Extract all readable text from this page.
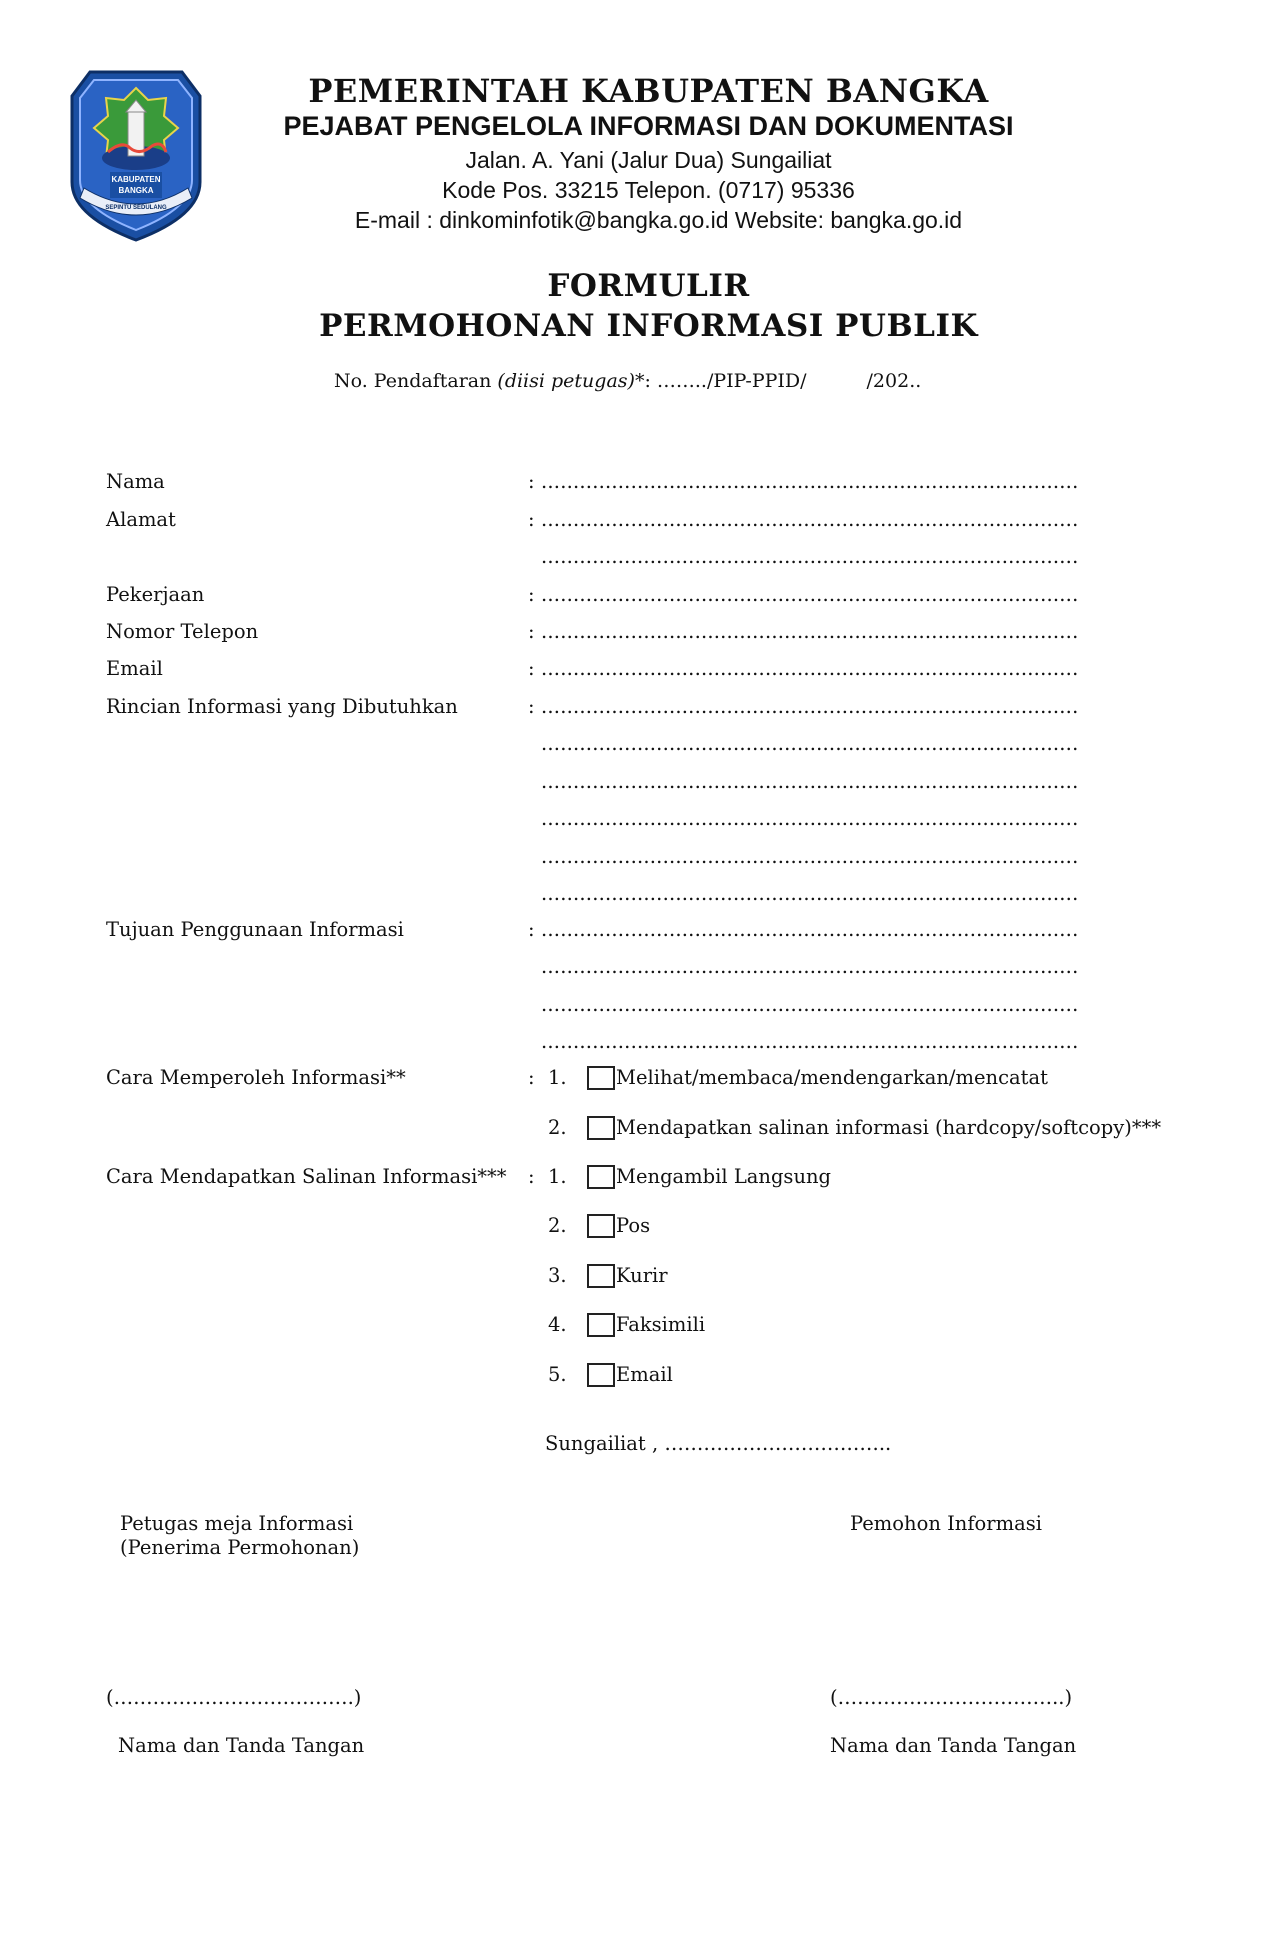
KABUPATEN
BANGKA
SEPINTU SEDULANG
PEMERINTAH KABUPATEN BANGKA
PEJABAT PENGELOLA INFORMASI DAN DOKUMENTASI
Jalan. A. Yani (Jalur Dua) Sungailiat
Kode Pos. 33215 Telepon. (0717) 95336
E-mail : dinkominfotik@bangka.go.id Website: bangka.go.id
FORMULIR
PERMOHONAN INFORMASI PUBLIK
No. Pendaftaran (diisi petugas)*: ……../PIP-PPID/	/202..
Nama	: ....................................................................................
Alamat	: ....................................................................................
....................................................................................
Pekerjaan	: ....................................................................................
Nomor Telepon	: ....................................................................................
Email	: ....................................................................................
Rincian Informasi yang Dibutuhkan	: ....................................................................................
....................................................................................
....................................................................................
....................................................................................
....................................................................................
....................................................................................
Tujuan Penggunaan Informasi	: ....................................................................................
....................................................................................
....................................................................................
....................................................................................
Cara Memperoleh Informasi**	: 1.	Melihat/membaca/mendengarkan/mencatat
2.	Mendapatkan salinan informasi (hardcopy/softcopy)***
Cara Mendapatkan Salinan Informasi*** : 1.	Mengambil Langsung
2.	Pos
3.	Kurir
4.	Faksimili
5.	Email
Sungailiat , ……………………………..
Petugas meja Informasi
(Penerima Permohonan)
Pemohon Informasi
(……………………………….)	(……………………………..)
Nama dan Tanda Tangan	Nama dan Tanda Tangan
